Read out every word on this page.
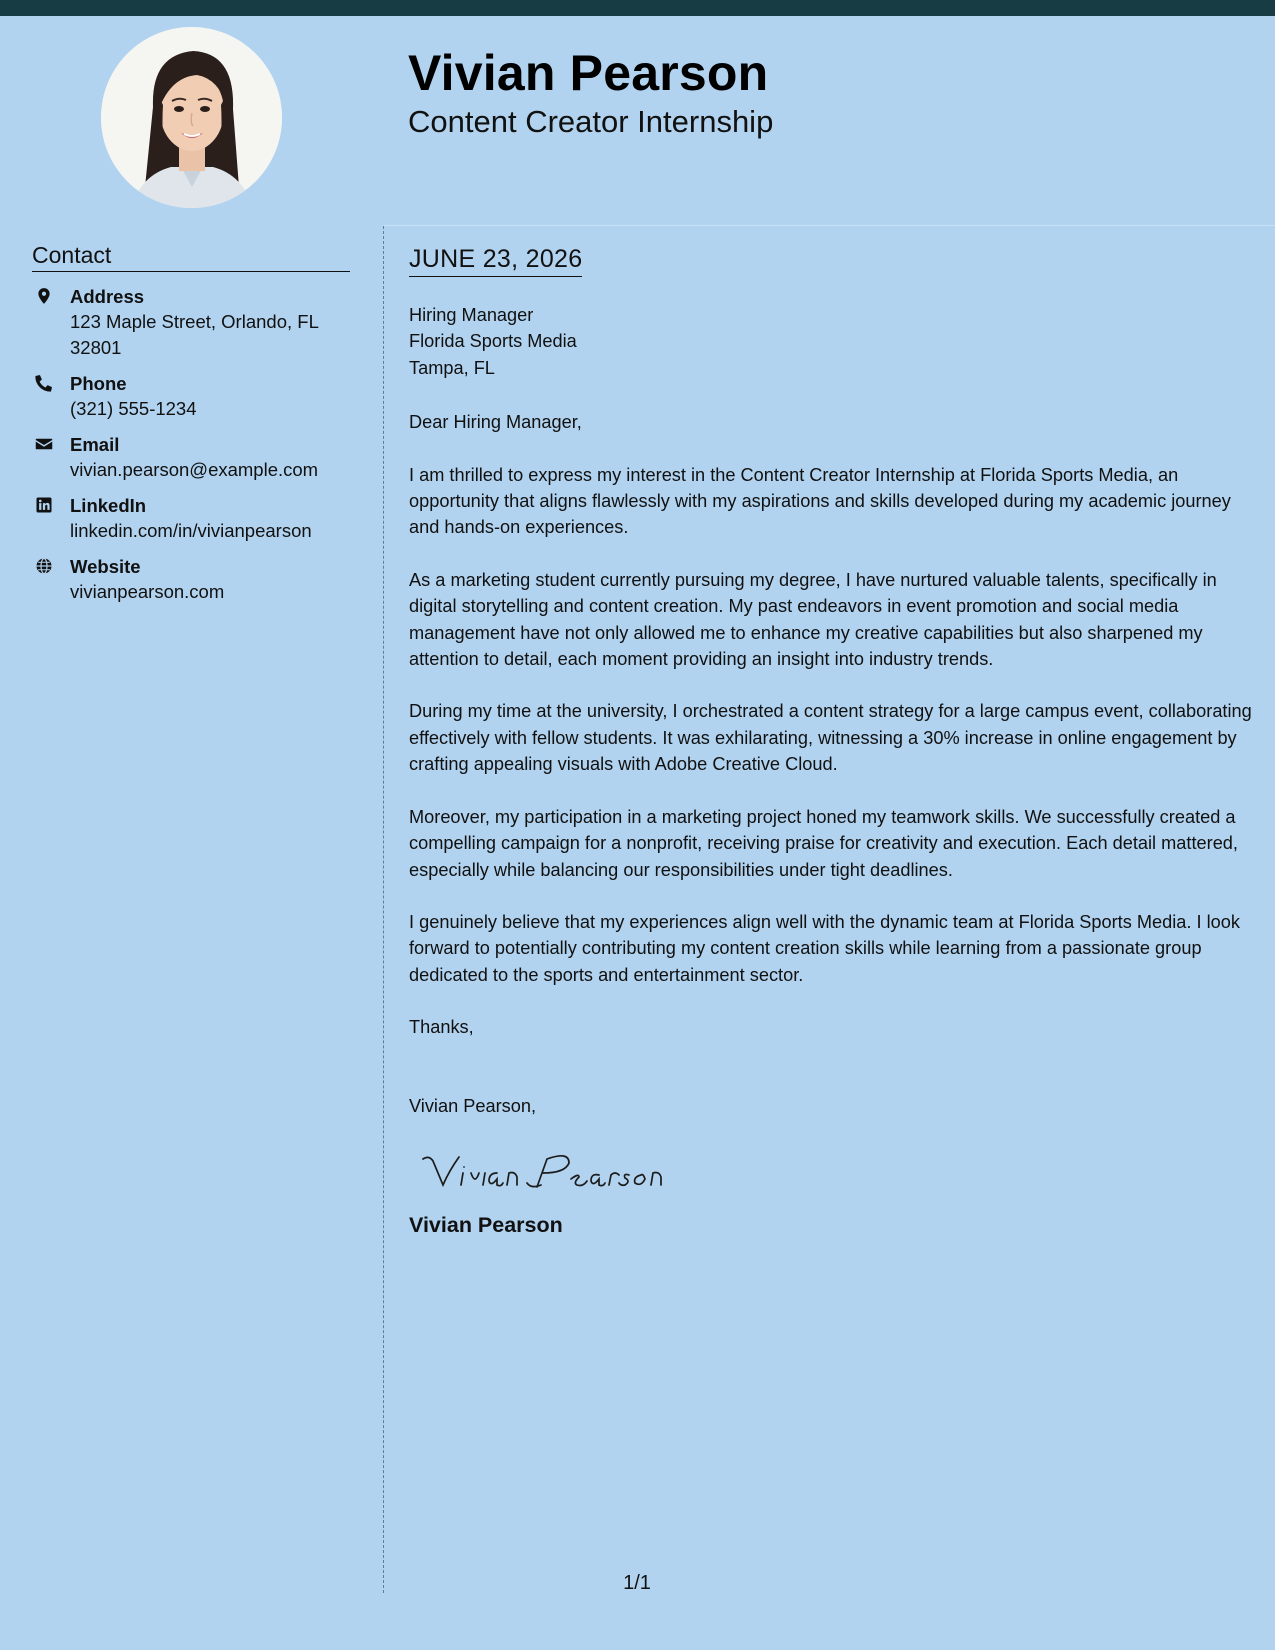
Vivian Pearson
Content Creator Internship
Contact
Address
123 Maple Street, Orlando, FL 32801
Phone
(321) 555-1234
Email
vivian.pearson@example.com
LinkedIn
linkedin.com/in/vivianpearson
Website
vivianpearson.com
JUNE 23, 2026
Hiring Manager
Florida Sports Media
Tampa, FL

Dear Hiring Manager,

I am thrilled to express my interest in the Content Creator Internship at Florida Sports Media, an opportunity that aligns flawlessly with my aspirations and skills developed during my academic journey and hands-on experiences.

As a marketing student currently pursuing my degree, I have nurtured valuable talents, specifically in digital storytelling and content creation. My past endeavors in event promotion and social media management have not only allowed me to enhance my creative capabilities but also sharpened my attention to detail, each moment providing an insight into industry trends.

During my time at the university, I orchestrated a content strategy for a large campus event, collaborating effectively with fellow students. It was exhilarating, witnessing a 30% increase in online engagement by crafting appealing visuals with Adobe Creative Cloud.

Moreover, my participation in a marketing project honed my teamwork skills. We successfully created a compelling campaign for a nonprofit, receiving praise for creativity and execution. Each detail mattered, especially while balancing our responsibilities under tight deadlines.

I genuinely believe that my experiences align well with the dynamic team at Florida Sports Media. I look forward to potentially contributing my content creation skills while learning from a passionate group dedicated to the sports and entertainment sector.

Thanks,

Vivian Pearson,

Vivian Pearson

1/1
